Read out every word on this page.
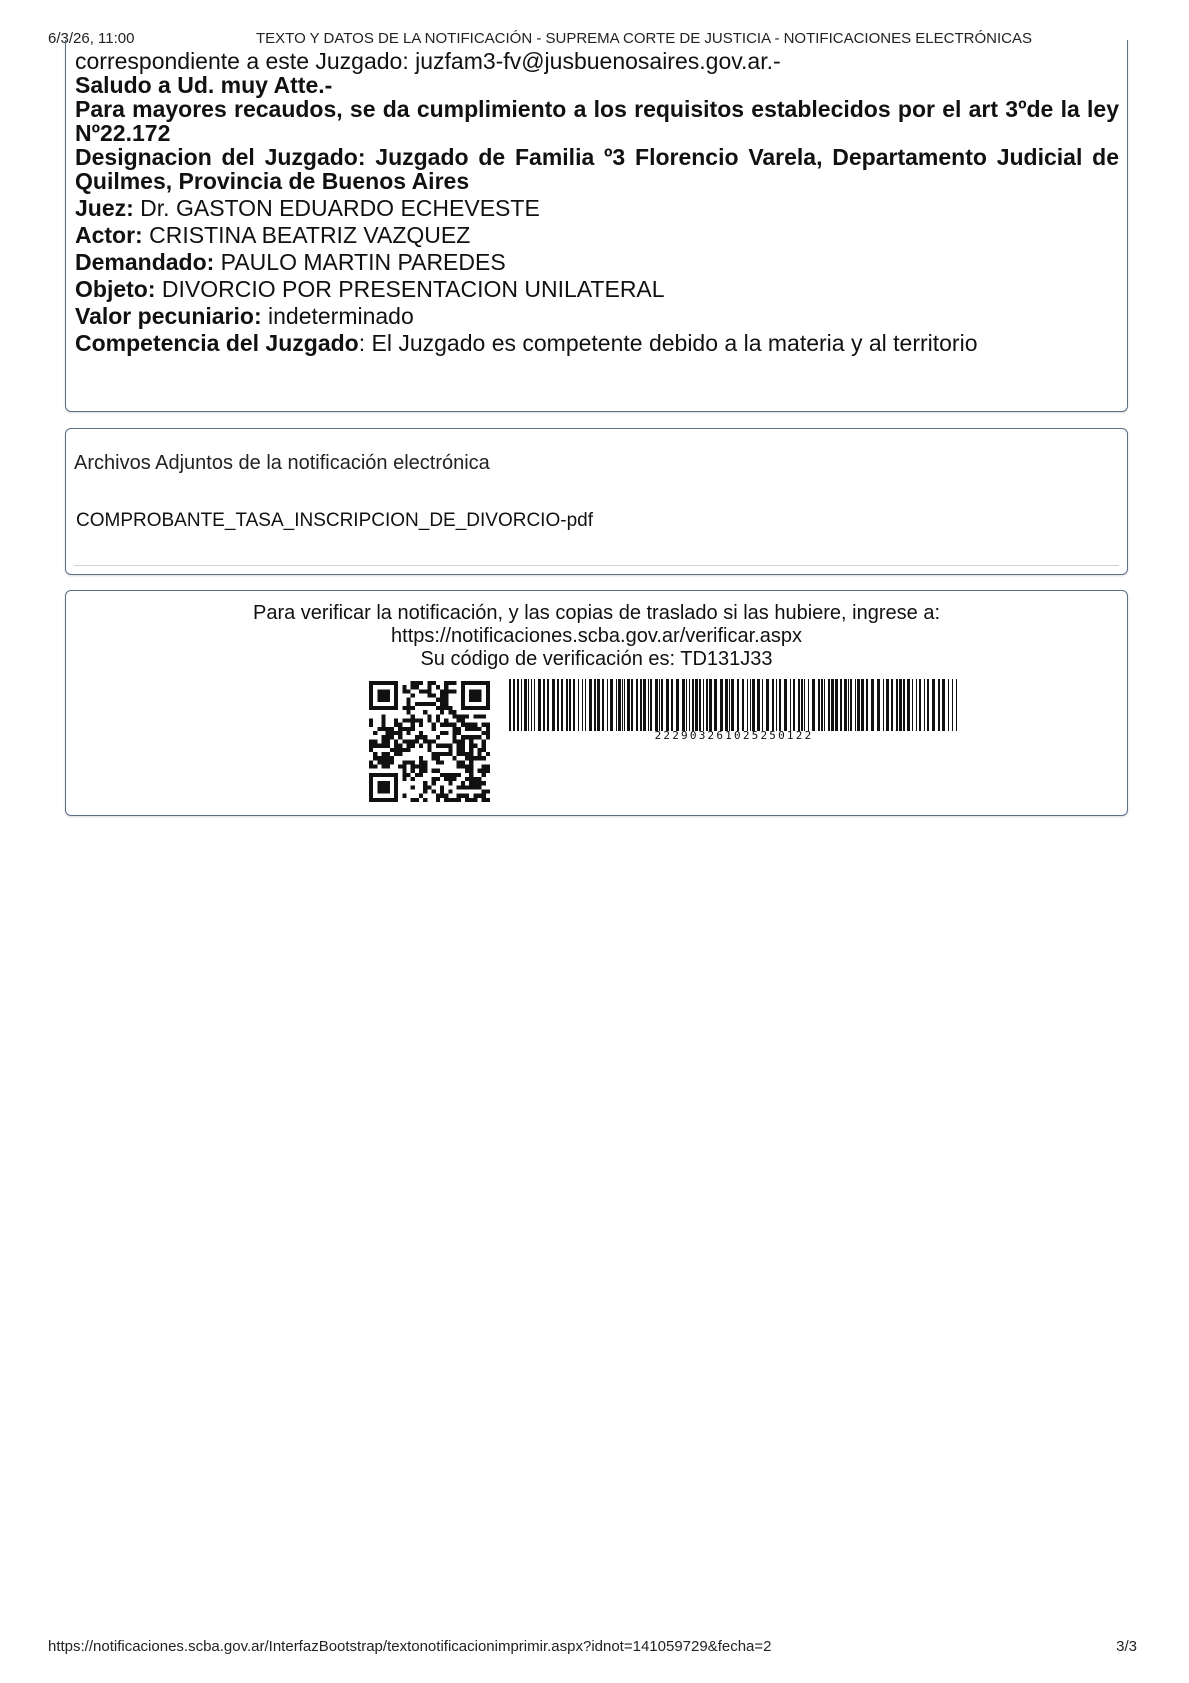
6/3/26, 11:00	TEXTO Y DATOS DE LA NOTIFICACIÓN - SUPREMA CORTE DE JUSTICIA - NOTIFICACIONES ELECTRÓNICAS

correspondiente a este Juzgado: juzfam3-fv@jusbuenosaires.gov.ar.-

Saludo a Ud. muy Atte.-

Para mayores recaudos, se da cumplimiento a los requisitos establecidos por el art 3ºde la ley Nº22.172

Designacion del Juzgado: Juzgado de Familia º3 Florencio Varela, Departamento Judicial de Quilmes, Provincia de Buenos Aires

Juez: Dr. GASTON EDUARDO ECHEVESTE

Actor: CRISTINA BEATRIZ VAZQUEZ

Demandado: PAULO MARTIN PAREDES

Objeto: DIVORCIO POR PRESENTACION UNILATERAL

Valor pecuniario: indeterminado

Competencia del Juzgado: El Juzgado es competente debido a la materia y al territorio

Archivos Adjuntos de la notificación electrónica
COMPROBANTE_TASA_INSCRIPCION_DE_DIVORCIO-pdf
Para verificar la notificación, y las copias de traslado si las hubiere, ingrese a:
https://notificaciones.scba.gov.ar/verificar.aspx
Su código de verificación es: TD131J33
222903261025250122
https://notificaciones.scba.gov.ar/InterfazBootstrap/textonotificacionimprimir.aspx?idnot=141059729&fecha=2	3/3
